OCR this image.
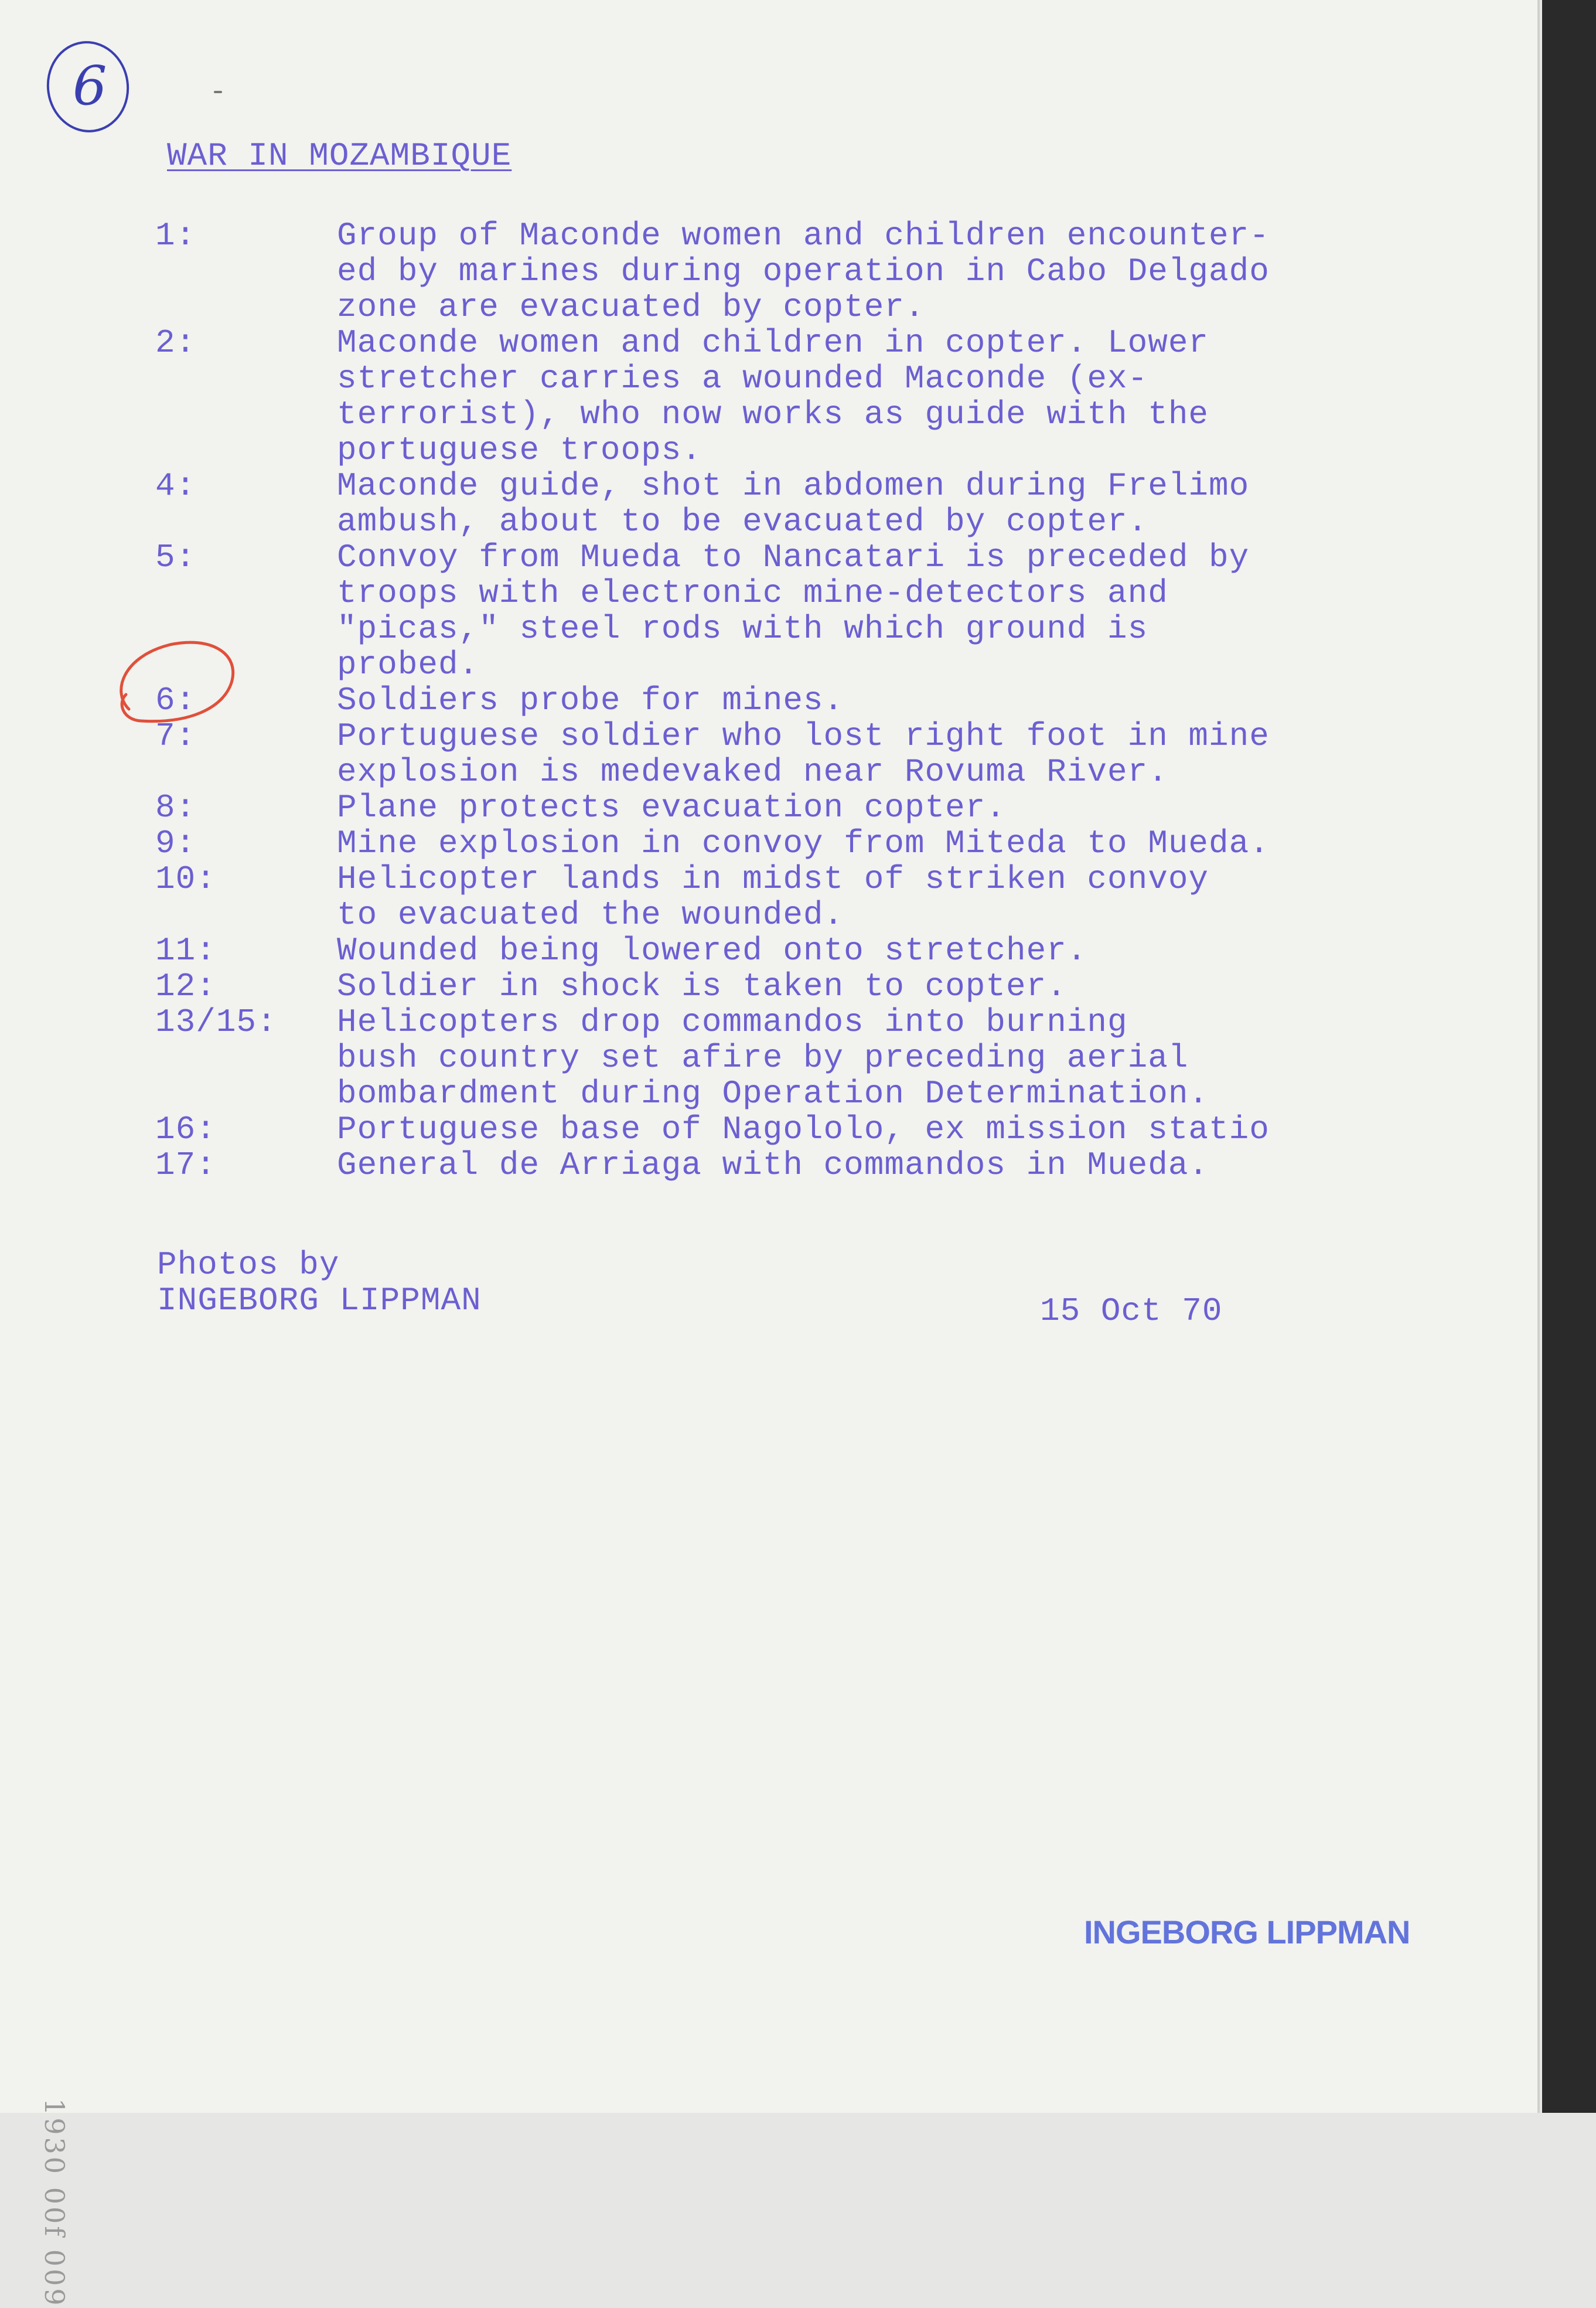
6
WAR IN MOZAMBIQUE
1:	Group of Maconde women and children encounter-
ed by marines during operation in Cabo Delgado
zone are evacuated by copter.
2:	Maconde women and children in copter. Lower
stretcher carries a wounded Maconde (ex-
terrorist), who now works as guide with the
portuguese troops.
4:	Maconde guide, shot in abdomen during Frelimo
ambush, about to be evacuated by copter.
5:	Convoy from Mueda to Nancatari is preceded by
troops with electronic mine-detectors and
"picas," steel rods with which ground is
probed.
6:	Soldiers probe for mines.
7:	Portuguese soldier who lost right foot in mine
explosion is medevaked near Rovuma River.
8:	Plane protects evacuation copter.
9:	Mine explosion in convoy from Miteda to Mueda.
10:	Helicopter lands in midst of striken convoy
to evacuated the wounded.
11:	Wounded being lowered onto stretcher.
12:	Soldier in shock is taken to copter.
13/15:	Helicopters drop commandos into burning
bush country set afire by preceding aerial
bombardment during Operation Determination.
16:	Portuguese base of Nagololo, ex mission statio
17:	General de Arriaga with commandos in Mueda.
Photos by
INGEBORG LIPPMAN	15 Oct 70
1930 00f 009
INGEBORG LIPPMAN
